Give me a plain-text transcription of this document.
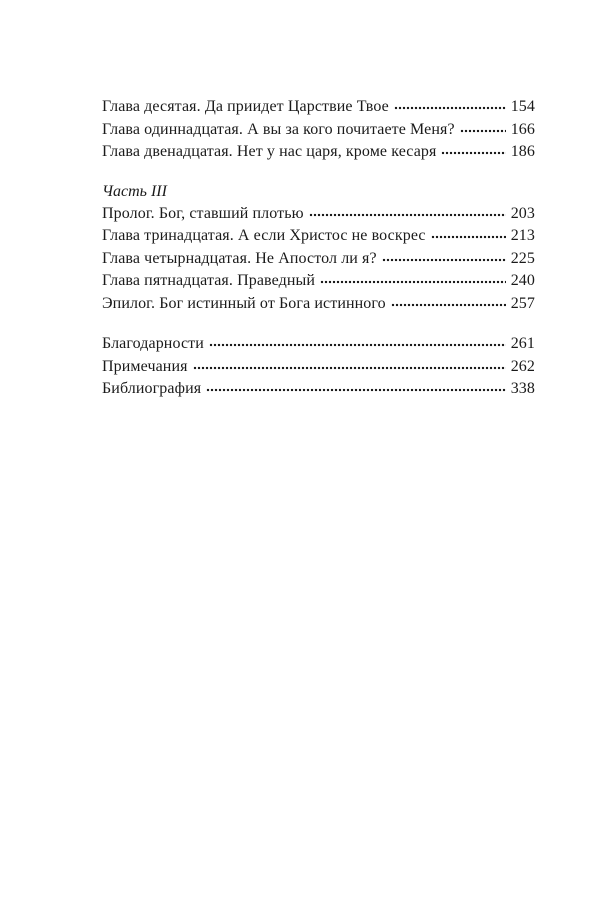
Глава десятая. Да приидет Царствие Твое	154
Глава одиннадцатая. А вы за кого почитаете Меня?	166
Глава двенадцатая. Нет у нас царя, кроме кесаря	186
Часть III
Пролог. Бог, ставший плотью	203
Глава тринадцатая. А если Христос не воскрес	213
Глава четырнадцатая. Не Апостол ли я?	225
Глава пятнадцатая. Праведный	240
Эпилог. Бог истинный от Бога истинного	257
Благодарности	261
Примечания	262
Библиография	338
